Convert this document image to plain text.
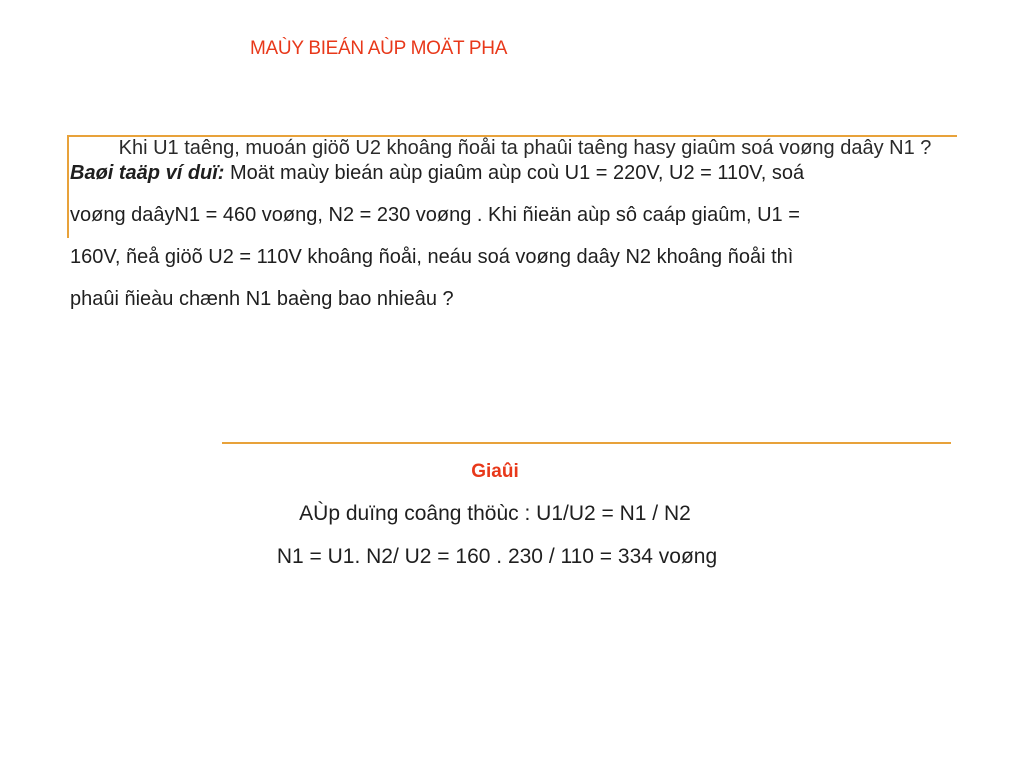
MAÙY BIEÁN AÙP MOÄT PHA
Baøi taäp ví duï: Moät maùy bieán aùp giaûm aùp coù U1 = 220V, U2 = 110V, soá
voøng daâyN1 = 460 voøng, N2 = 230 voøng . Khi ñieän aùp sô caáp giaûm, U1 =
160V, ñeå giöõ U2 = 110V khoâng ñoåi, neáu soá voøng daây N2 khoâng ñoåi thì
phaûi ñieàu chænh N1 baèng bao nhieâu ?
Khi U1 taêng, muoán giöõ U2 khoâng ñoåi ta phaûi taêng hasy giaûm soá voøng daây N1 ?
Giaûi
AÙp duïng coâng thöùc : U1/U2 = N1 / N2
N1 = U1. N2/ U2 = 160 . 230 / 110 = 334 voøng
